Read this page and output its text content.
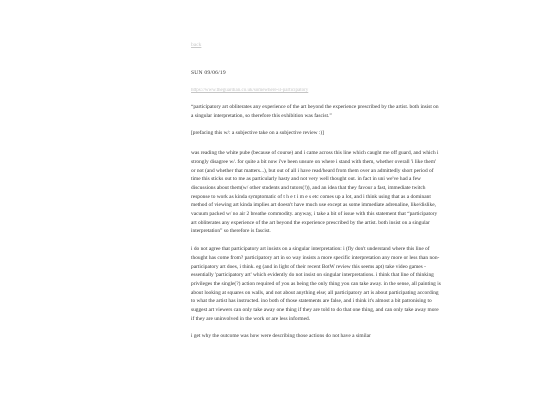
back
SUN 09/06/19
https://www.theguardian.co.uk/somewhere-il-participatory

“participatory art obliterates any experience of the art beyond the experience prescribed by the artist. both insist on a singular interpretation, so therefore this exhibition was fascist.”

[prefacing this w/: a subjective take on a subjective review :)]

was reading the white pube (because of course) and i came across this line which caught me off guard, and which i strongly disagree w/. for quite a bit now i've been unsure on where i stand with them, whether overall 'i like them' or not (and whether that matters...), but out of all i have read/heard from them over an admittedly short period of time this sticks out to me as particularly hasty and not very well thought out. in fact in uni we've had a few discussions about them(w/ other students and tutors(!)), and an idea that they favour a fast, immediate twitch response to work as kinda symptomatic of t h e t i m e s etc comes up a lot, and i think using that as a dominant method of viewing art kinda implies art doesn't have much use except as some immediate adrenaline, like/dislike, vacuum packed w/ no air 2 breathe commodity. anyway, i take a bit of issue with this statement that “participatory art obliterates any experience of the art beyond the experience prescribed by the artist. both insist on a singular interpretation” so therefore is fascist.

i do not agree that participatory art insists on a singular interpretation: i (fly don't understand where this line of thought has come from? participatory art in so way insists a more specific interpretation any more or less than non-participatory art does, i think. eg (and in light of their recent BotW review this seems apt) take video games - essentially 'participatory art' which evidently do not insist on singular interpretations. i think that line of thinking privileges the single(?) action required of you as being the only thing you can take away. in the sense, all painting is about looking at squares on walls, and not about anything else; all participatory art is about participating according to what the artist has instructed. ino both of those statements are false, and i think it's almost a bit patronising to suggest art viewers can only take away one thing if they are told to do that one thing, and can only take away more if they are uninvolved in the work or are less informed.

i get why the outcome was how were describing those actions do not have a similar
